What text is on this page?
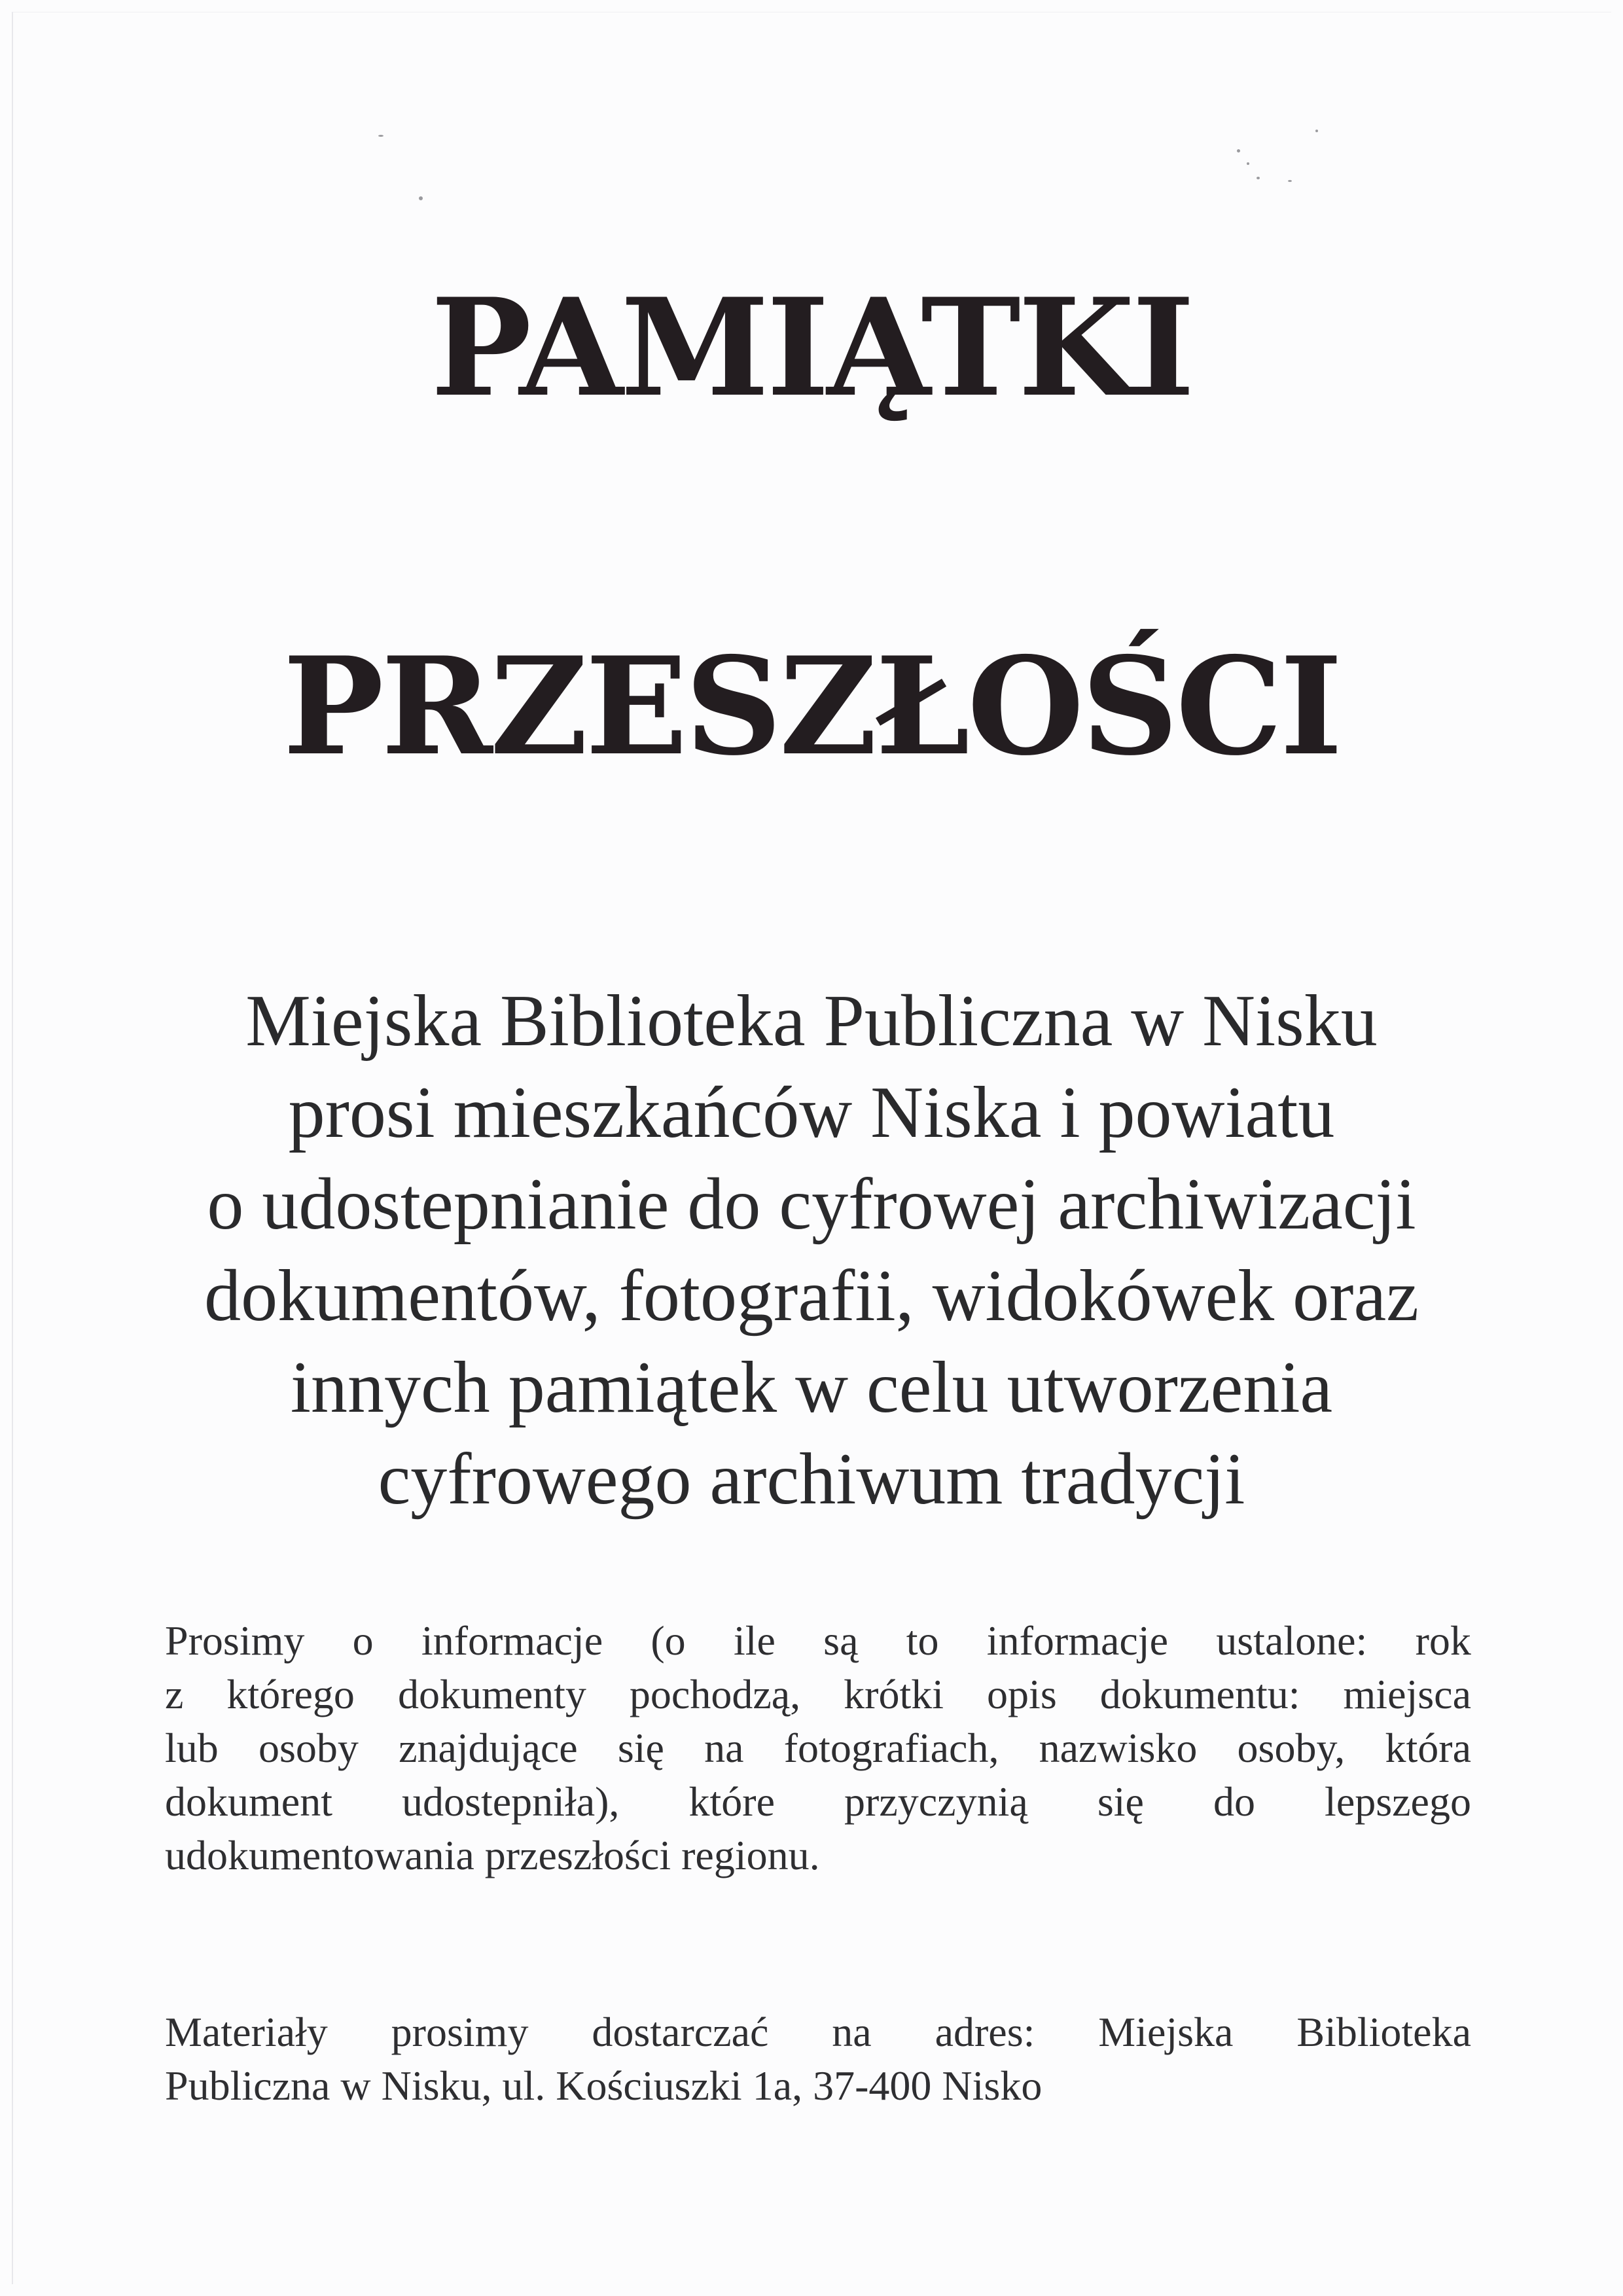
PAMIĄTKI
PRZESZŁOŚCI
Miejska Biblioteka Publiczna w Nisku
prosi mieszkańców Niska i powiatu
o udostepnianie do cyfrowej archiwizacji
dokumentów, fotografii, widokówek oraz
innych pamiątek w celu utworzenia
cyfrowego archiwum tradycji
Prosimy o informacje (o ile są to informacje ustalone: rok
z którego dokumenty pochodzą, krótki opis dokumentu: miejsca
lub osoby znajdujące się na fotografiach, nazwisko osoby, która
dokument udostepniła), które przyczynią się do lepszego
udokumentowania przeszłości regionu.
Materiały prosimy dostarczać na adres: Miejska Biblioteka
Publiczna w Nisku, ul. Kościuszki 1a, 37-400 Nisko
